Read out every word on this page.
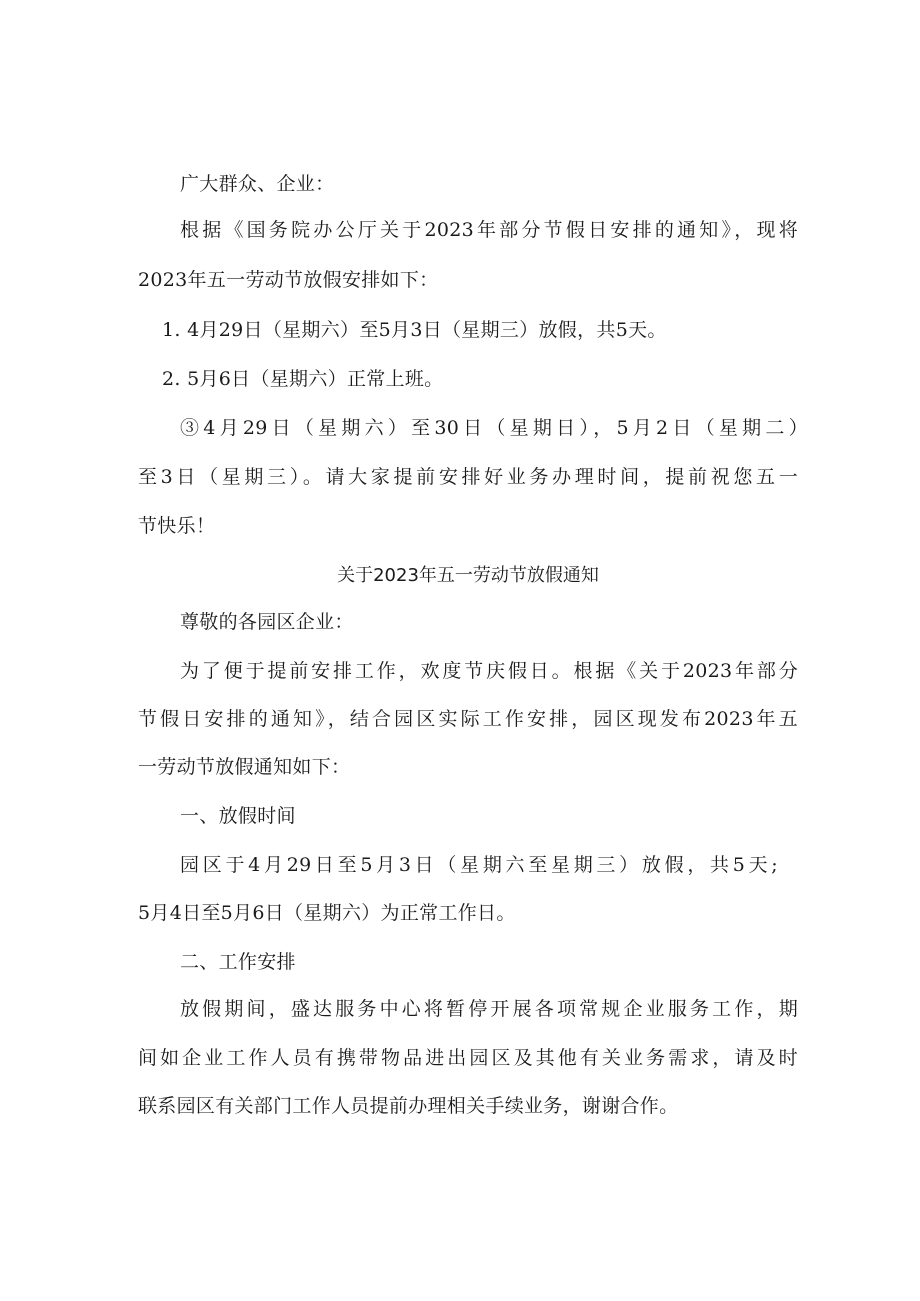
广大群众、企业：
根据《国务院办公厅关于2023年部分节假日安排的通知》，现将
2023年五一劳动节放假安排如下：
1. 4月29日（星期六）至5月3日（星期三）放假，共5天。
2. 5月6日（星期六）正常上班。
③4月29日（星期六）至30日（星期日），5月2日（星期二）
至3日（星期三）。请大家提前安排好业务办理时间，提前祝您五一
节快乐！
关于2023年五一劳动节放假通知
尊敬的各园区企业：
为了便于提前安排工作，欢度节庆假日。根据《关于2023年部分
节假日安排的通知》，结合园区实际工作安排，园区现发布2023年五
一劳动节放假通知如下：
一、放假时间
园区于4月29日至5月3日（星期六至星期三）放假，共5天;
5月4日至5月6日（星期六）为正常工作日。
二、工作安排
放假期间，盛达服务中心将暂停开展各项常规企业服务工作，期
间如企业工作人员有携带物品进出园区及其他有关业务需求，请及时
联系园区有关部门工作人员提前办理相关手续业务，谢谢合作。
